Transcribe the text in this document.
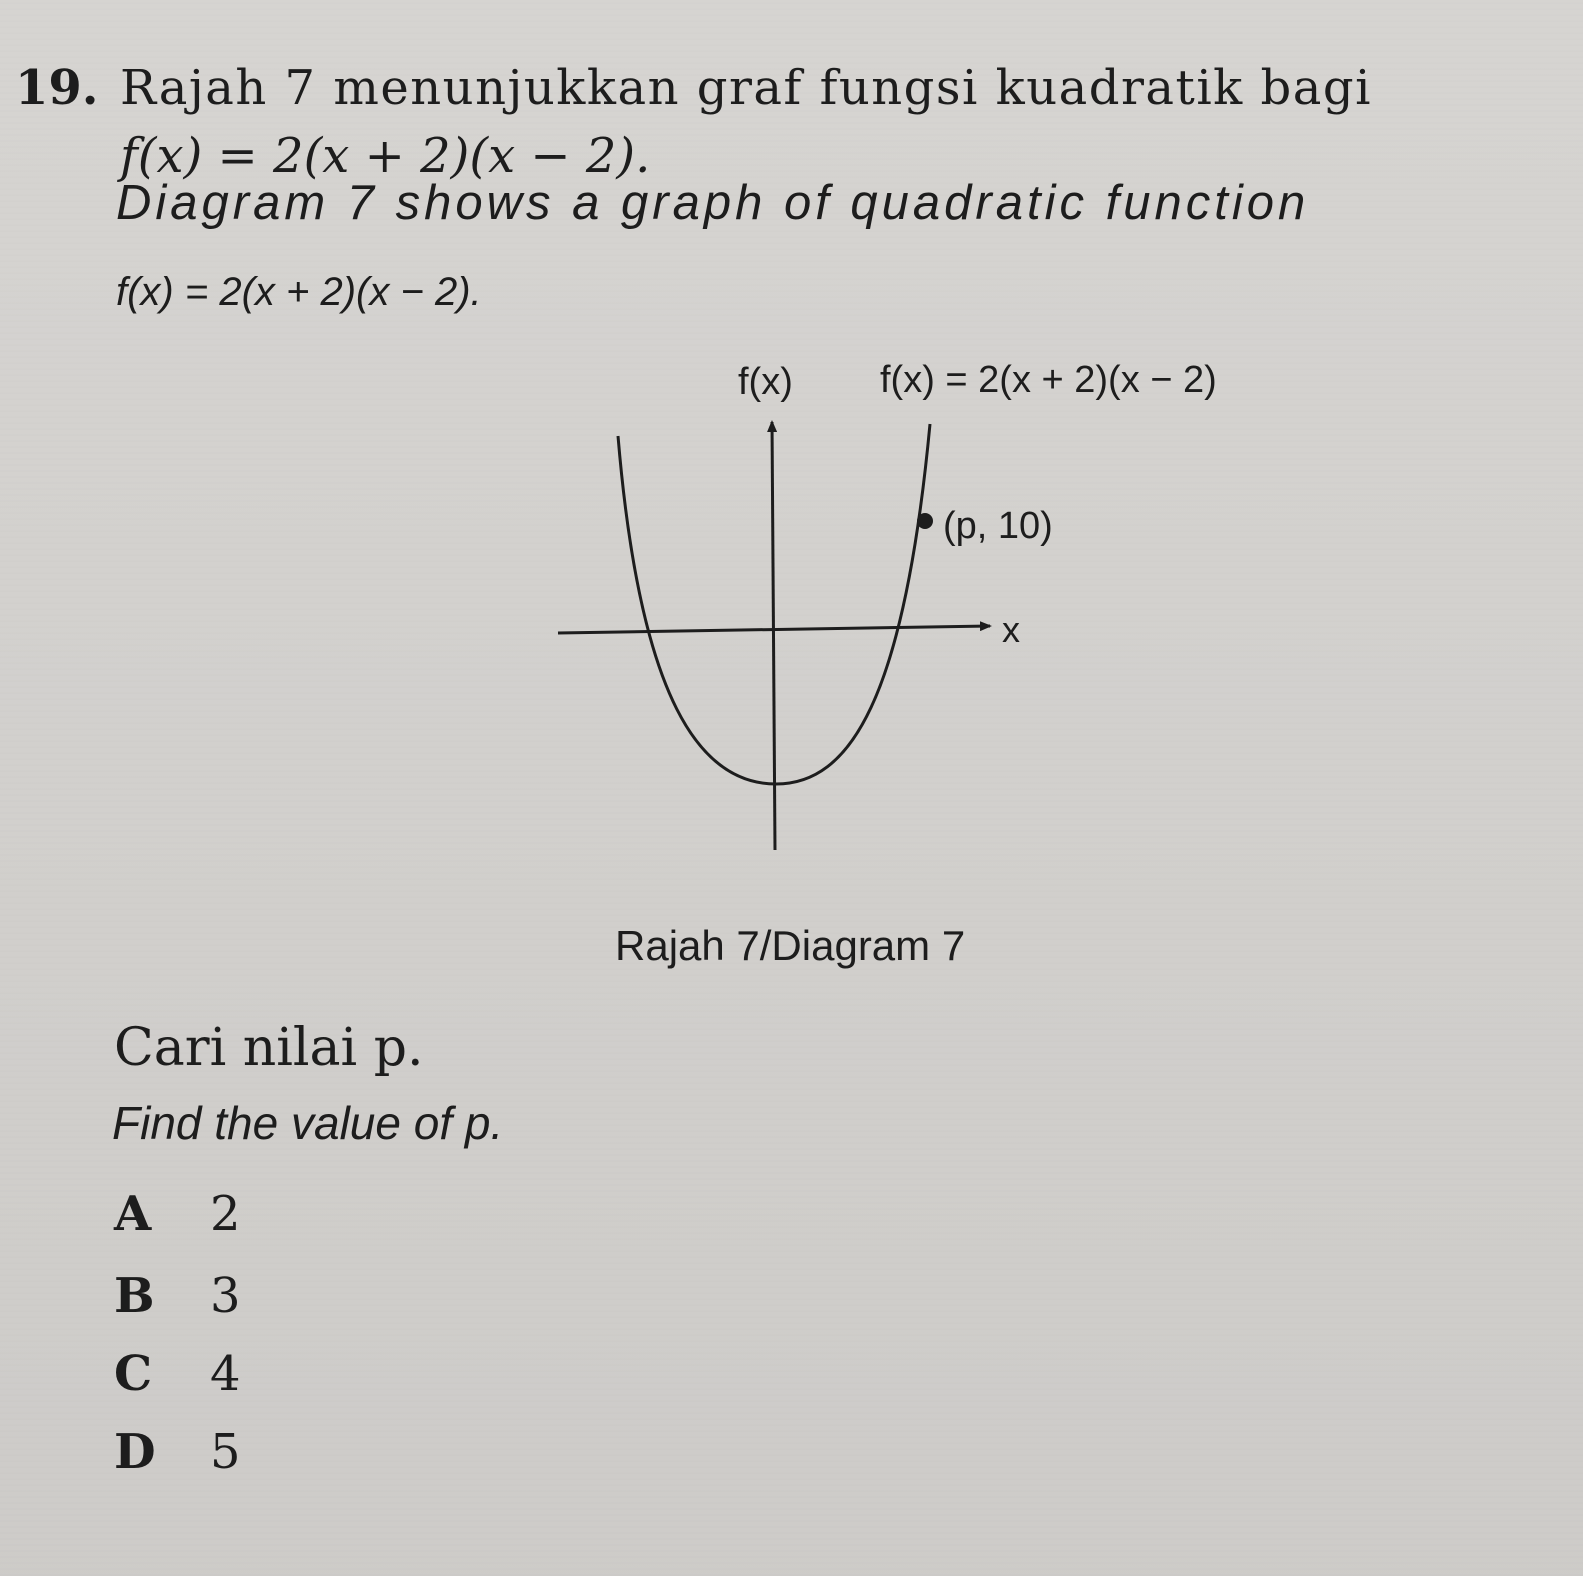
19. Rajah 7 menunjukkan graf fungsi kuadratik bagi
f(x) = 2(x + 2)(x − 2).
Diagram 7 shows a graph of quadratic function
f(x) = 2(x + 2)(x − 2).
f(x) f(x) = 2(x + 2)(x − 2)
(p, 10)
x
Rajah 7/Diagram 7
Cari nilai p.
Find the value of p.
A 2
B 3
C 4
D 5
